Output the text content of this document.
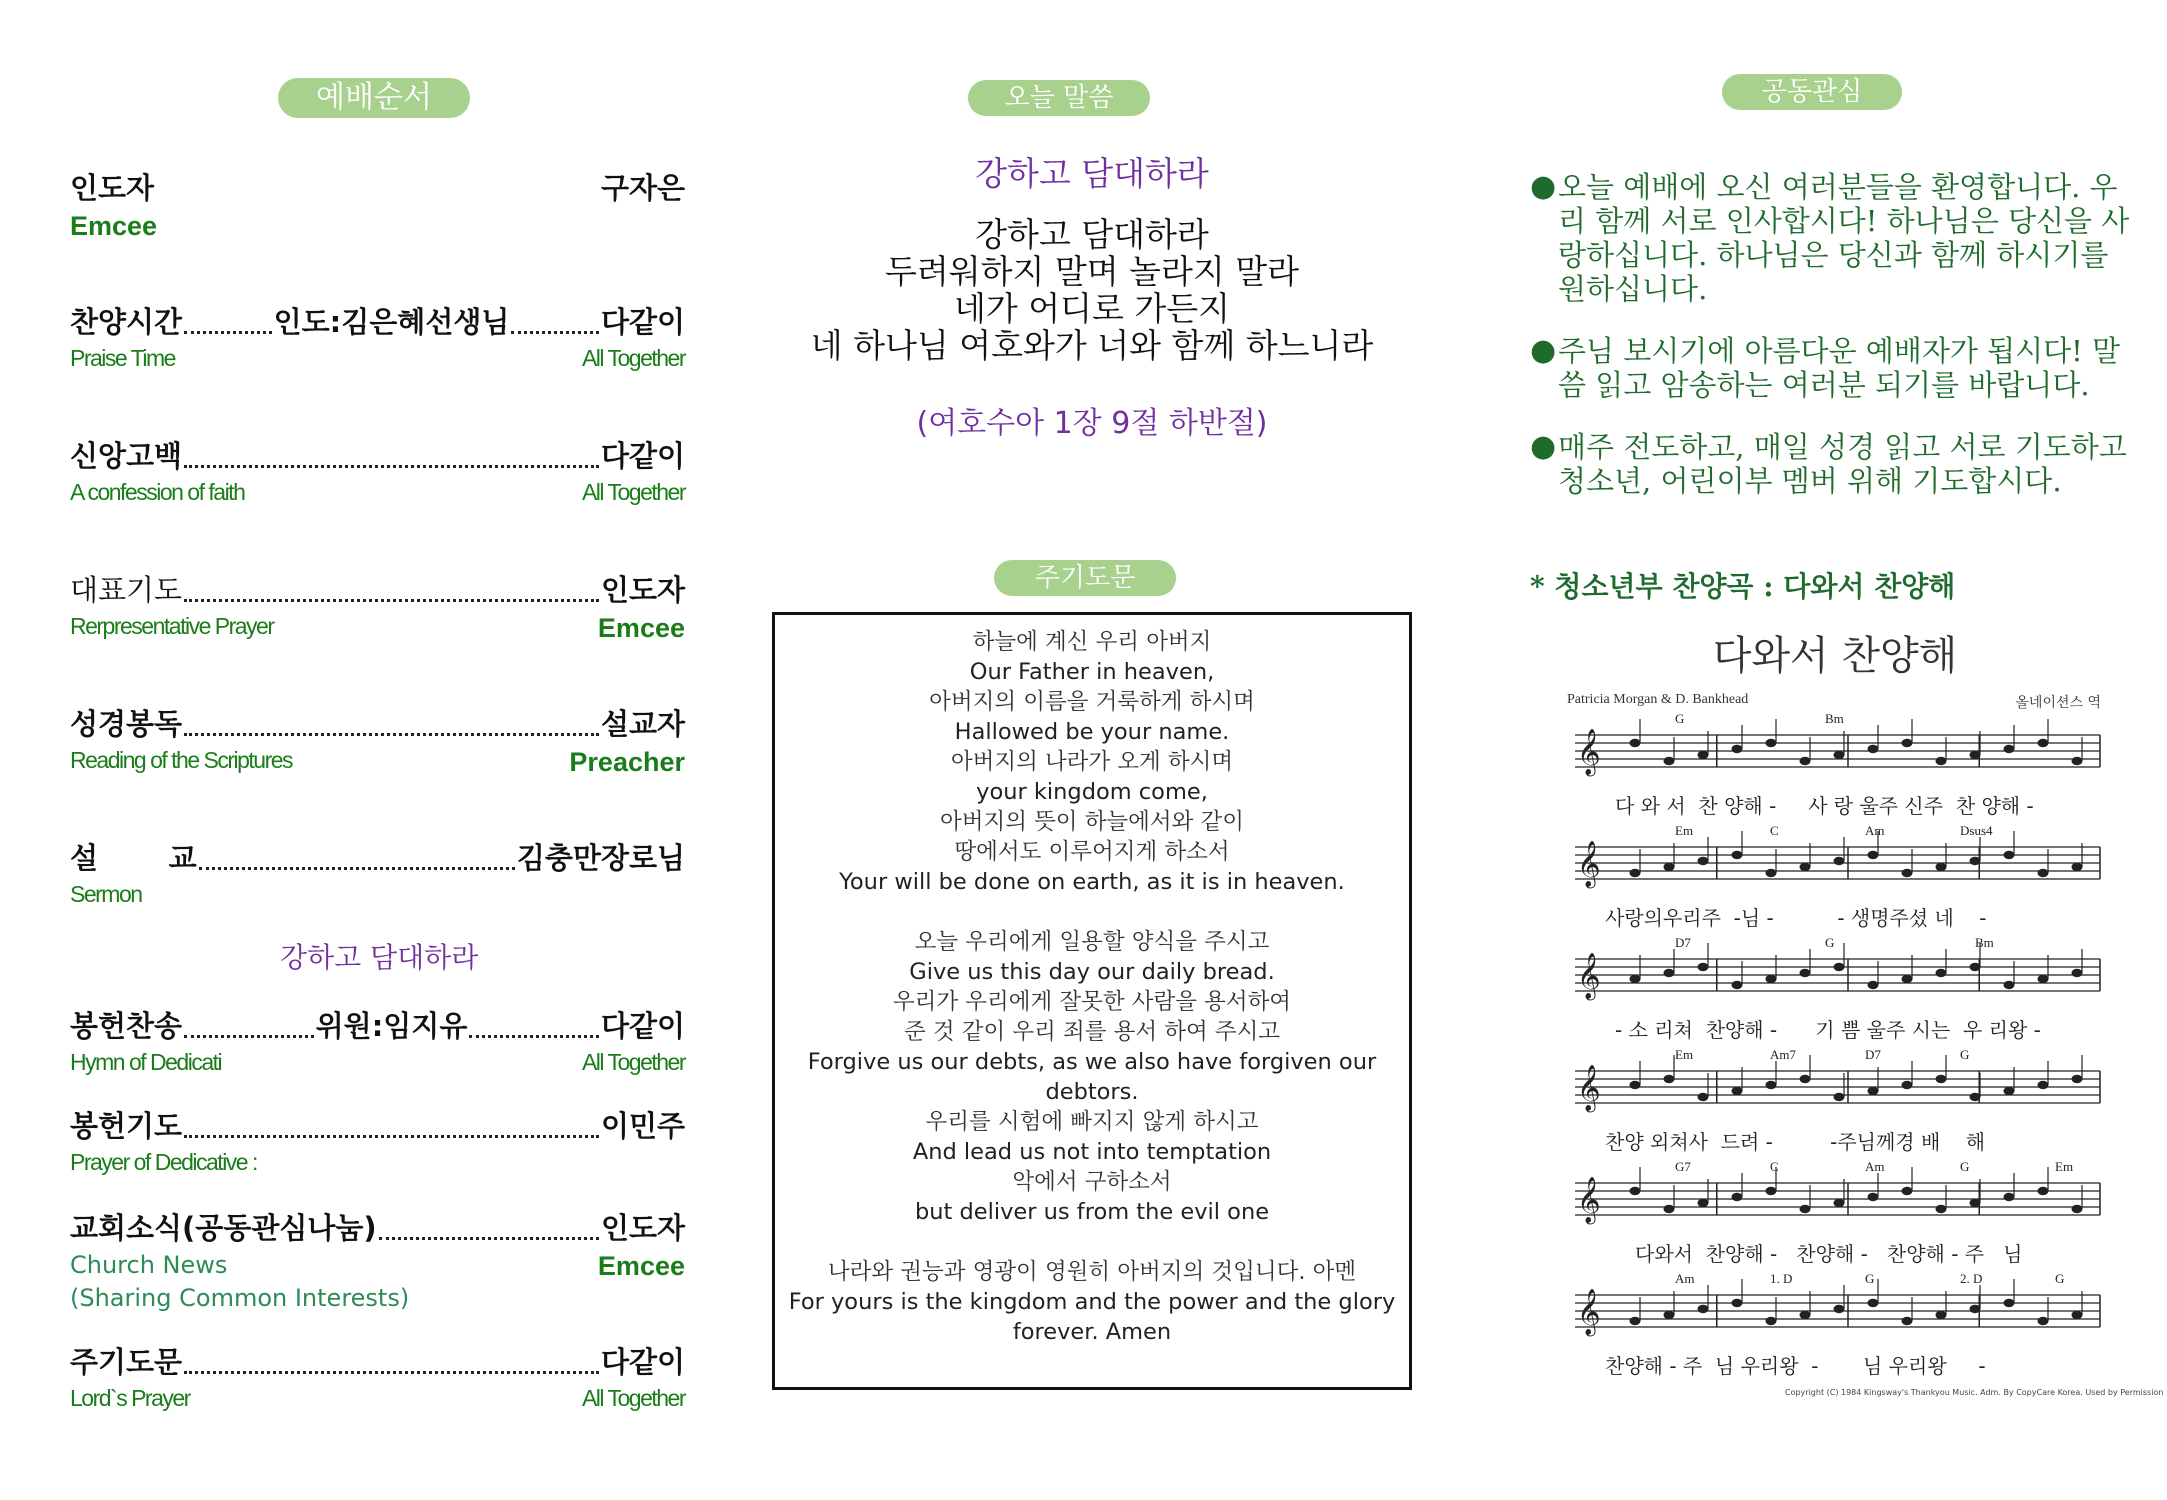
예배순서
인도자	구자은
Emcee
찬양시간	인도:김은혜선생님	다같이
Praise Time	All Together
신앙고백	다같이
A confession of faith	All Together
대표기도	인도자
Rerpresentative Prayer	Emcee
성경봉독	설교자
Reading of the Scriptures	Preacher
설       교	김충만장로님
Sermon
강하고 담대하라
봉헌찬송	위원:임지유	다같이
Hymn of Dedicati	All Together
봉헌기도	이민주
Prayer of Dedicative :
교회소식(공동관심나눔)	인도자
Church News	Emcee
(Sharing Common Interests)
주기도문	다같이
Lord`s Prayer	All Together
오늘 말씀
강하고 담대하라
강하고 담대하라
두려워하지 말며 놀라지 말라
네가 어디로 가든지
네 하나님 여호와가 너와 함께 하느니라
(여호수아 1장 9절 하반절)
주기도문
하늘에 계신 우리 아버지
Our Father in heaven,
아버지의 이름을 거룩하게 하시며
Hallowed be your name.
아버지의 나라가 오게 하시며
your kingdom come,
아버지의 뜻이 하늘에서와 같이
땅에서도 이루어지게 하소서
Your will be done on earth, as it is in heaven.
오늘 우리에게 일용할 양식을 주시고
Give us this day our daily bread.
우리가 우리에게 잘못한 사람을 용서하여
준 것 같이 우리 죄를 용서 하여 주시고
Forgive us our debts, as we also have forgiven our
debtors.
우리를 시험에 빠지지 않게 하시고
And lead us not into temptation
악에서 구하소서
but deliver us from the evil one
나라와 권능과 영광이 영원히 아버지의 것입니다. 아멘
For yours is the kingdom and the power and the glory
forever. Amen
공동관심
● 오늘 예배에 오신 여러분들을 환영합니다. 우리 함께 서로 인사합시다! 하나님은 당신을 사랑하십니다. 하나님은 당신과 함께 하시기를 원하십니다.
● 주님 보시기에 아름다운 예배자가 됩시다! 말씀 읽고 암송하는 여러분 되기를 바랍니다.
● 매주 전도하고, 매일 성경 읽고 서로 기도하고 청소년, 어린이부 멤버 위해 기도합시다.
* 청소년부 찬양곡 : 다와서 찬양해
다와서 찬양해
Patricia Morgan & D. Bankhead	올네이션스 역
𝄞
G	Bm
𝄞
Em	C	Am	Dsus4
𝄞
D7	G	Bm
𝄞
Em	Am7	D7	G
𝄞
G7	C	Am	G	Em
𝄞
Am	1. D	G	2. D	G
다 와 서  찬 양해 -     사 랑 울주 신주  찬 양해 -
사랑의우리주  -님 -          - 생명주셨 네    -
- 소 리쳐  찬양해 -      기 쁨 울주 시는  우 리왕 -
찬양 외쳐사  드려 -         -주님께경 배    해
다와서  찬양해 -   찬양해 -   찬양해 - 주   님
찬양해 - 주  님 우리왕  -       님 우리왕     -
Copyright (C) 1984 Kingsway's Thankyou Music. Adm. By CopyCare Korea. Used by Permission
